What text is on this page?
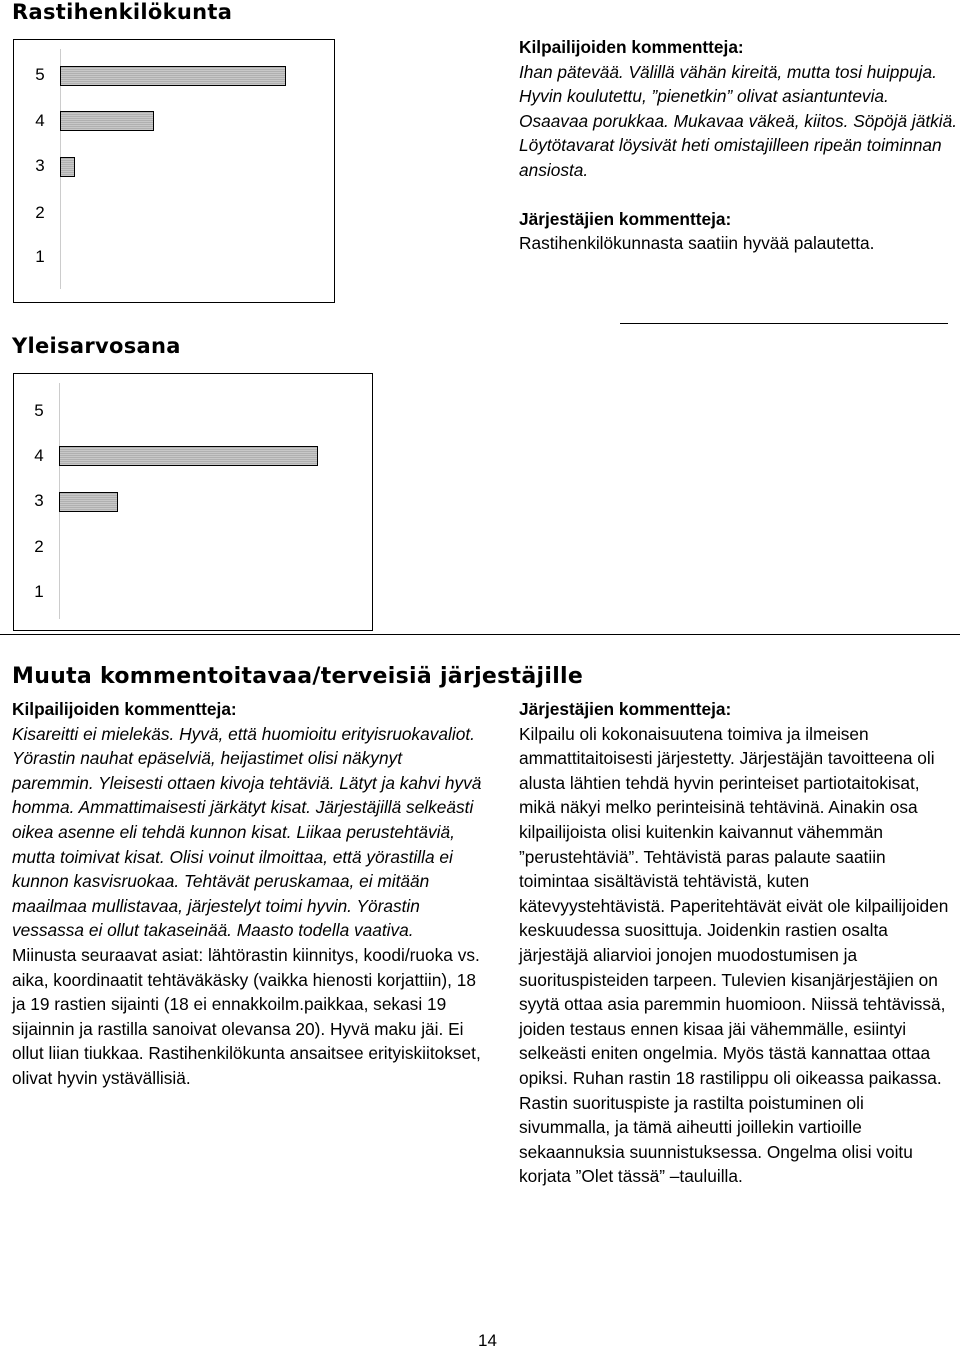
Rastihenkilökunta
5
4
3
2
1
Kilpailijoiden kommentteja:
Ihan pätevää. Välillä vähän kireitä, mutta tosi huippuja. Hyvin koulutettu, ”pienetkin” olivat asiantuntevia. Osaavaa porukkaa. Mukavaa väkeä, kiitos. Söpöjä jätkiä. Löytötavarat löysivät heti omistajilleen ripeän toiminnan ansiosta.
Järjestäjien kommentteja:
Rastihenkilökunnasta saatiin hyvää palautetta.
Yleisarvosana
5
4
3
2
1
Muuta kommentoitavaa/terveisiä järjestäjille
Kilpailijoiden kommentteja:
Kisareitti ei mielekäs. Hyvä, että huomioitu erityisruokavaliot. Yörastin nauhat epäselviä, heijastimet olisi näkynyt paremmin. Yleisesti ottaen kivoja tehtäviä. Lätyt ja kahvi hyvä homma. Ammattimaisesti järkätyt kisat. Järjestäjillä selkeästi oikea asenne eli tehdä kunnon kisat. Liikaa perustehtäviä, mutta toimivat kisat. Olisi voinut ilmoittaa, että yörastilla ei kunnon kasvisruokaa. Tehtävät peruskamaa, ei mitään maailmaa mullistavaa, järjestelyt toimi hyvin. Yörastin vessassa ei ollut takaseinää. Maasto todella vaativa.
Miinusta seuraavat asiat: lähtörastin kiinnitys, koodi/ruoka vs. aika, koordinaatit tehtäväkäsky (vaikka hienosti korjattiin), 18 ja 19 rastien sijainti (18 ei ennakkoilm.paikkaa, sekasi 19 sijainnin ja rastilla sanoivat olevansa 20). Hyvä maku jäi. Ei ollut liian tiukkaa. Rastihenkilökunta ansaitsee erityiskiitokset, olivat hyvin ystävällisiä.
Järjestäjien kommentteja:
Kilpailu oli kokonaisuutena toimiva ja ilmeisen ammattitaitoisesti järjestetty. Järjestäjän tavoitteena oli alusta lähtien tehdä hyvin perinteiset partiotaitokisat, mikä näkyi melko perinteisinä tehtävinä. Ainakin osa kilpailijoista olisi kuitenkin kaivannut vähemmän ”perustehtäviä”. Tehtävistä paras palaute saatiin toimintaa sisältävistä tehtävistä, kuten kätevyystehtävistä. Paperitehtävät eivät ole kilpailijoiden keskuudessa suosittuja. Joidenkin rastien osalta järjestäjä aliarvioi jonojen muodostumisen ja suorituspisteiden tarpeen. Tulevien kisanjärjestäjien on syytä ottaa asia paremmin huomioon. Niissä tehtävissä, joiden testaus ennen kisaa jäi vähemmälle, esiintyi selkeästi eniten ongelmia. Myös tästä kannattaa ottaa opiksi. Ruhan rastin 18 rastilippu oli oikeassa paikassa. Rastin suorituspiste ja rastilta poistuminen oli sivummalla, ja tämä aiheutti joillekin vartioille sekaannuksia suunnistuksessa. Ongelma olisi voitu korjata ”Olet tässä” –tauluilla.
14
